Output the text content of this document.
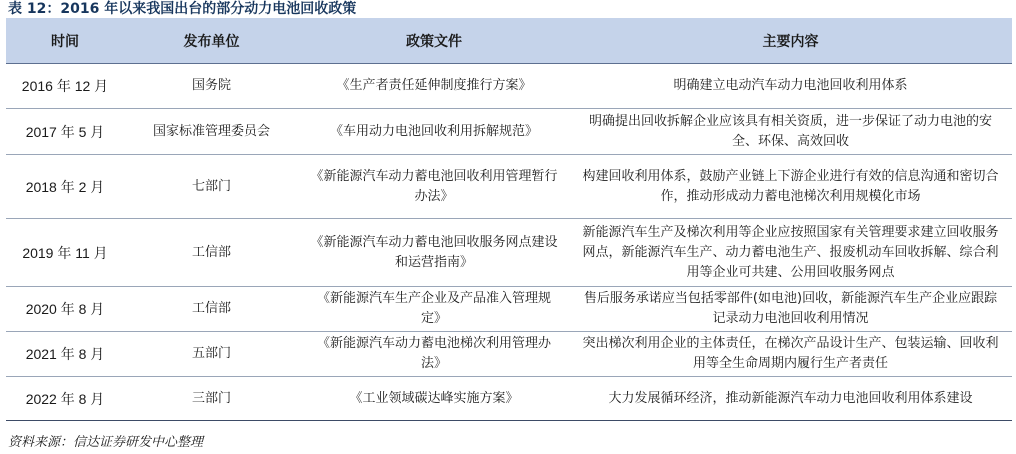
表 12：2016 年以来我国出台的部分动力电池回收政策
时间	发布单位	政策文件	主要内容
2016 年 12 月	国务院	《生产者责任延伸制度推行方案》	明确建立电动汽车动力电池回收利用体系
2017 年 5 月	国家标准管理委员会	《车用动力电池回收利用拆解规范》	明确提出回收拆解企业应该具有相关资质，进一步保证了动力电池的安全、环保、高效回收
2018 年 2 月	七部门	《新能源汽车动力蓄电池回收利用管理暂行办法》	构建回收利用体系，鼓励产业链上下游企业进行有效的信息沟通和密切合作，推动形成动力蓄电池梯次利用规模化市场
2019 年 11 月	工信部	《新能源汽车动力蓄电池回收服务网点建设和运营指南》	新能源汽车生产及梯次利用等企业应按照国家有关管理要求建立回收服务网点，新能源汽车生产、动力蓄电池生产、报废机动车回收拆解、综合利用等企业可共建、公用回收服务网点
2020 年 8 月	工信部	《新能源汽车生产企业及产品准入管理规定》	售后服务承诺应当包括零部件(如电池)回收，新能源汽车生产企业应跟踪记录动力电池回收利用情况
2021 年 8 月	五部门	《新能源汽车动力蓄电池梯次利用管理办法》	突出梯次利用企业的主体责任，在梯次产品设计生产、包装运输、回收利用等全生命周期内履行生产者责任
2022 年 8 月	三部门	《工业领域碳达峰实施方案》	大力发展循环经济，推动新能源汽车动力电池回收利用体系建设
资料来源：信达证券研发中心整理
